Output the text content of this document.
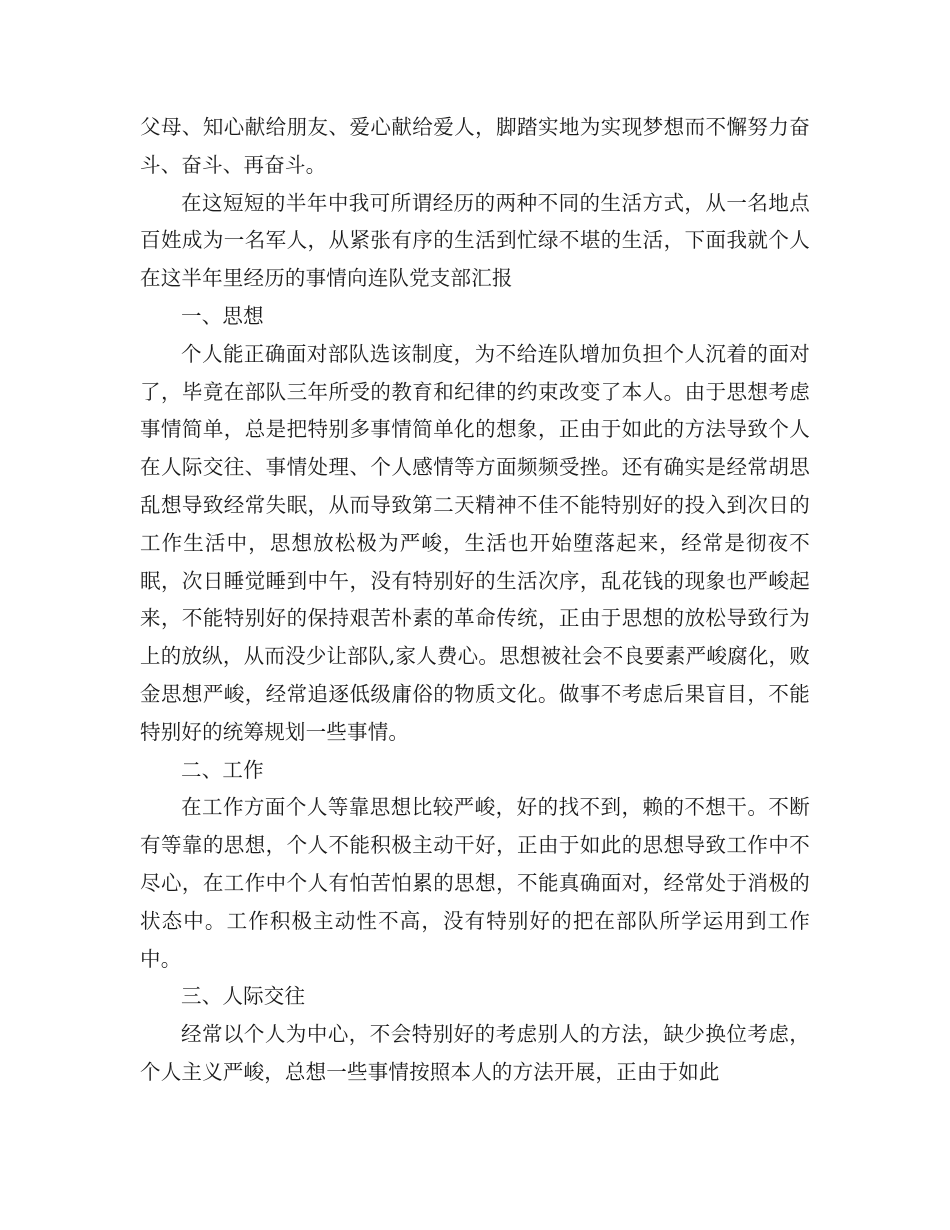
父母、知心献给朋友、爱心献给爱人，脚踏实地为实现梦想而不懈努力奋斗、奋斗、再奋斗。

在这短短的半年中我可所谓经历的两种不同的生活方式，从一名地点百姓成为一名军人，从紧张有序的生活到忙绿不堪的生活，下面我就个人在这半年里经历的事情向连队党支部汇报

一、思想

个人能正确面对部队选该制度，为不给连队增加负担个人沉着的面对了，毕竟在部队三年所受的教育和纪律的约束改变了本人。由于思想考虑事情简单，总是把特别多事情简单化的想象，正由于如此的方法导致个人在人际交往、事情处理、个人感情等方面频频受挫。还有确实是经常胡思乱想导致经常失眠，从而导致第二天精神不佳不能特别好的投入到次日的工作生活中，思想放松极为严峻，生活也开始堕落起来，经常是彻夜不眠，次日睡觉睡到中午，没有特别好的生活次序，乱花钱的现象也严峻起来，不能特别好的保持艰苦朴素的革命传统，正由于思想的放松导致行为上的放纵，从而没少让部队,家人费心。思想被社会不良要素严峻腐化，败金思想严峻，经常追逐低级庸俗的物质文化。做事不考虑后果盲目，不能特别好的统筹规划一些事情。

二、工作

在工作方面个人等靠思想比较严峻，好的找不到，赖的不想干。不断有等靠的思想，个人不能积极主动干好，正由于如此的思想导致工作中不尽心，在工作中个人有怕苦怕累的思想，不能真确面对，经常处于消极的状态中。工作积极主动性不高，没有特别好的把在部队所学运用到工作中。

三、人际交往

经常以个人为中心，不会特别好的考虑别人的方法，缺少换位考虑，个人主义严峻，总想一些事情按照本人的方法开展，正由于如此
